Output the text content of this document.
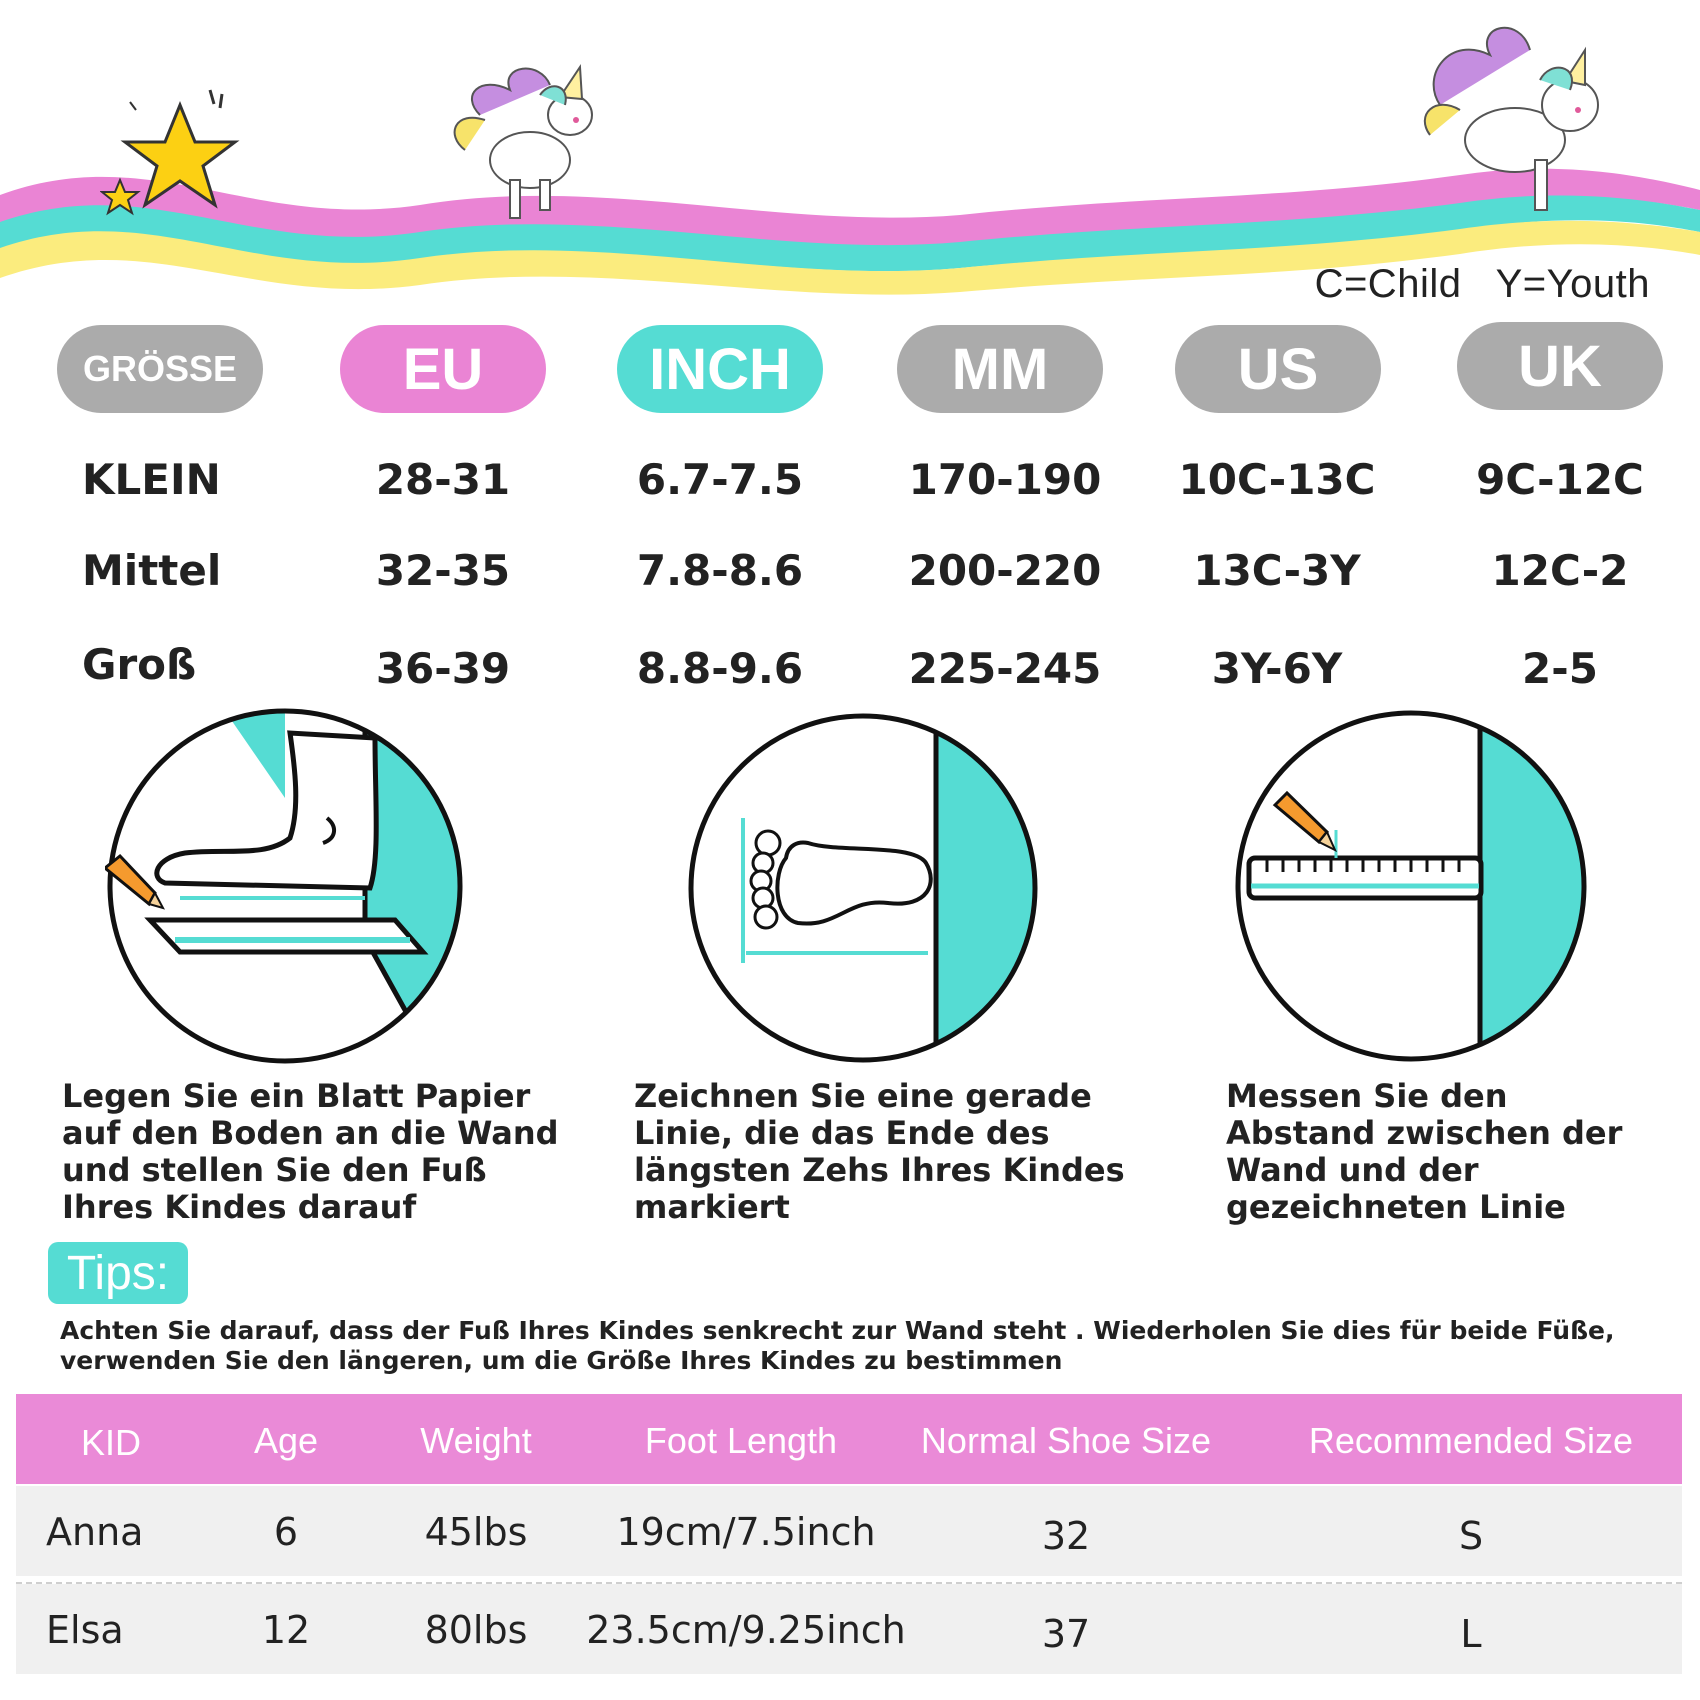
C=Child Y=Youth
GRÖSSE	EU	INCH	MM	US	UK
KLEIN	28-31	6.7-7.5	170-190	10C-13C	9C-12C
Mittel	32-35	7.8-8.6	200-220	13C-3Y	12C-2
Groß	36-39	8.8-9.6	225-245	3Y-6Y	2-5
Legen Sie ein Blatt Papier auf den Boden an die Wand und stellen Sie den Fuß Ihres Kindes darauf
Zeichnen Sie eine gerade Linie, die das Ende des längsten Zehs Ihres Kindes markiert
Messen Sie den Abstand zwischen der Wand und der gezeichneten Linie
Tips:
Achten Sie darauf, dass der Fuß Ihres Kindes senkrecht zur Wand steht . Wiederholen Sie dies für beide Füße, verwenden Sie den längeren, um die Größe Ihres Kindes zu bestimmen
KID	Age	Weight	Foot Length	Normal Shoe Size	Recommended Size
Anna	6	45lbs	19cm/7.5inch	32	S
Elsa	12	80lbs	23.5cm/9.25inch	37	L
